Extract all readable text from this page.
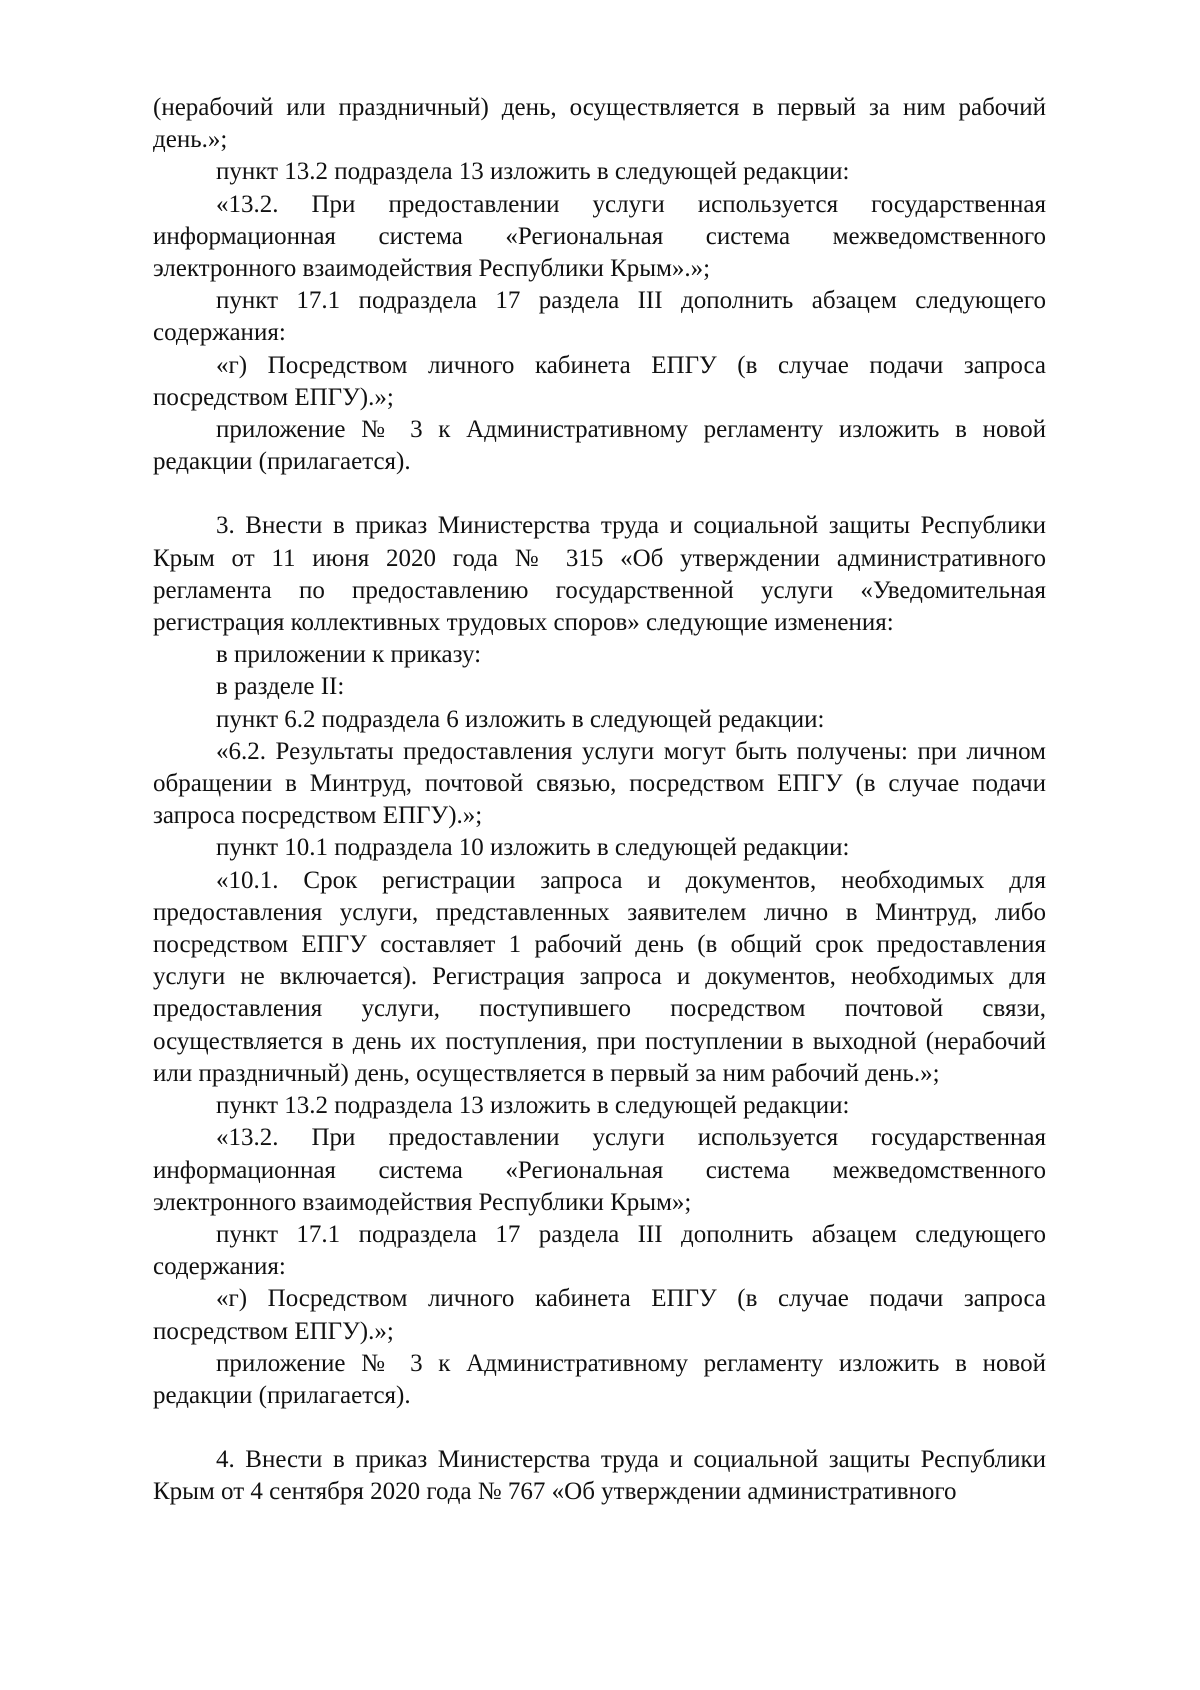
(нерабочий или праздничный) день, осуществляется в первый за ним рабочий день.»;

пункт 13.2 подраздела 13 изложить в следующей редакции:

«13.2. При предоставлении услуги используется государственная информационная система «Региональная система межведомственного электронного взаимодействия Республики Крым».»;

пункт 17.1 подраздела 17 раздела III дополнить абзацем следующего содержания:

«г) Посредством личного кабинета ЕПГУ (в случае подачи запроса посредством ЕПГУ).»;

приложение № 3 к Административному регламенту изложить в новой редакции (прилагается).

3. Внести в приказ Министерства труда и социальной защиты Республики Крым от 11 июня 2020 года № 315 «Об утверждении административного регламента по предоставлению государственной услуги «Уведомительная регистрация коллективных трудовых споров» следующие изменения:

в приложении к приказу:

в разделе II:

пункт 6.2 подраздела 6 изложить в следующей редакции:

«6.2. Результаты предоставления услуги могут быть получены: при личном обращении в Минтруд, почтовой связью, посредством ЕПГУ (в случае подачи запроса посредством ЕПГУ).»;

пункт 10.1 подраздела 10 изложить в следующей редакции:

«10.1. Срок регистрации запроса и документов, необходимых для предоставления услуги, представленных заявителем лично в Минтруд, либо посредством ЕПГУ составляет 1 рабочий день (в общий срок предоставления услуги не включается). Регистрация запроса и документов, необходимых для предоставления услуги, поступившего посредством почтовой связи, осуществляется в день их поступления, при поступлении в выходной (нерабочий или праздничный) день, осуществляется в первый за ним рабочий день.»;

пункт 13.2 подраздела 13 изложить в следующей редакции:

«13.2. При предоставлении услуги используется государственная информационная система «Региональная система межведомственного электронного взаимодействия Республики Крым»;

пункт 17.1 подраздела 17 раздела III дополнить абзацем следующего содержания:

«г) Посредством личного кабинета ЕПГУ (в случае подачи запроса посредством ЕПГУ).»;

приложение № 3 к Административному регламенту изложить в новой редакции (прилагается).

4. Внести в приказ Министерства труда и социальной защиты Республики Крым от 4 сентября 2020 года № 767 «Об утверждении административного
